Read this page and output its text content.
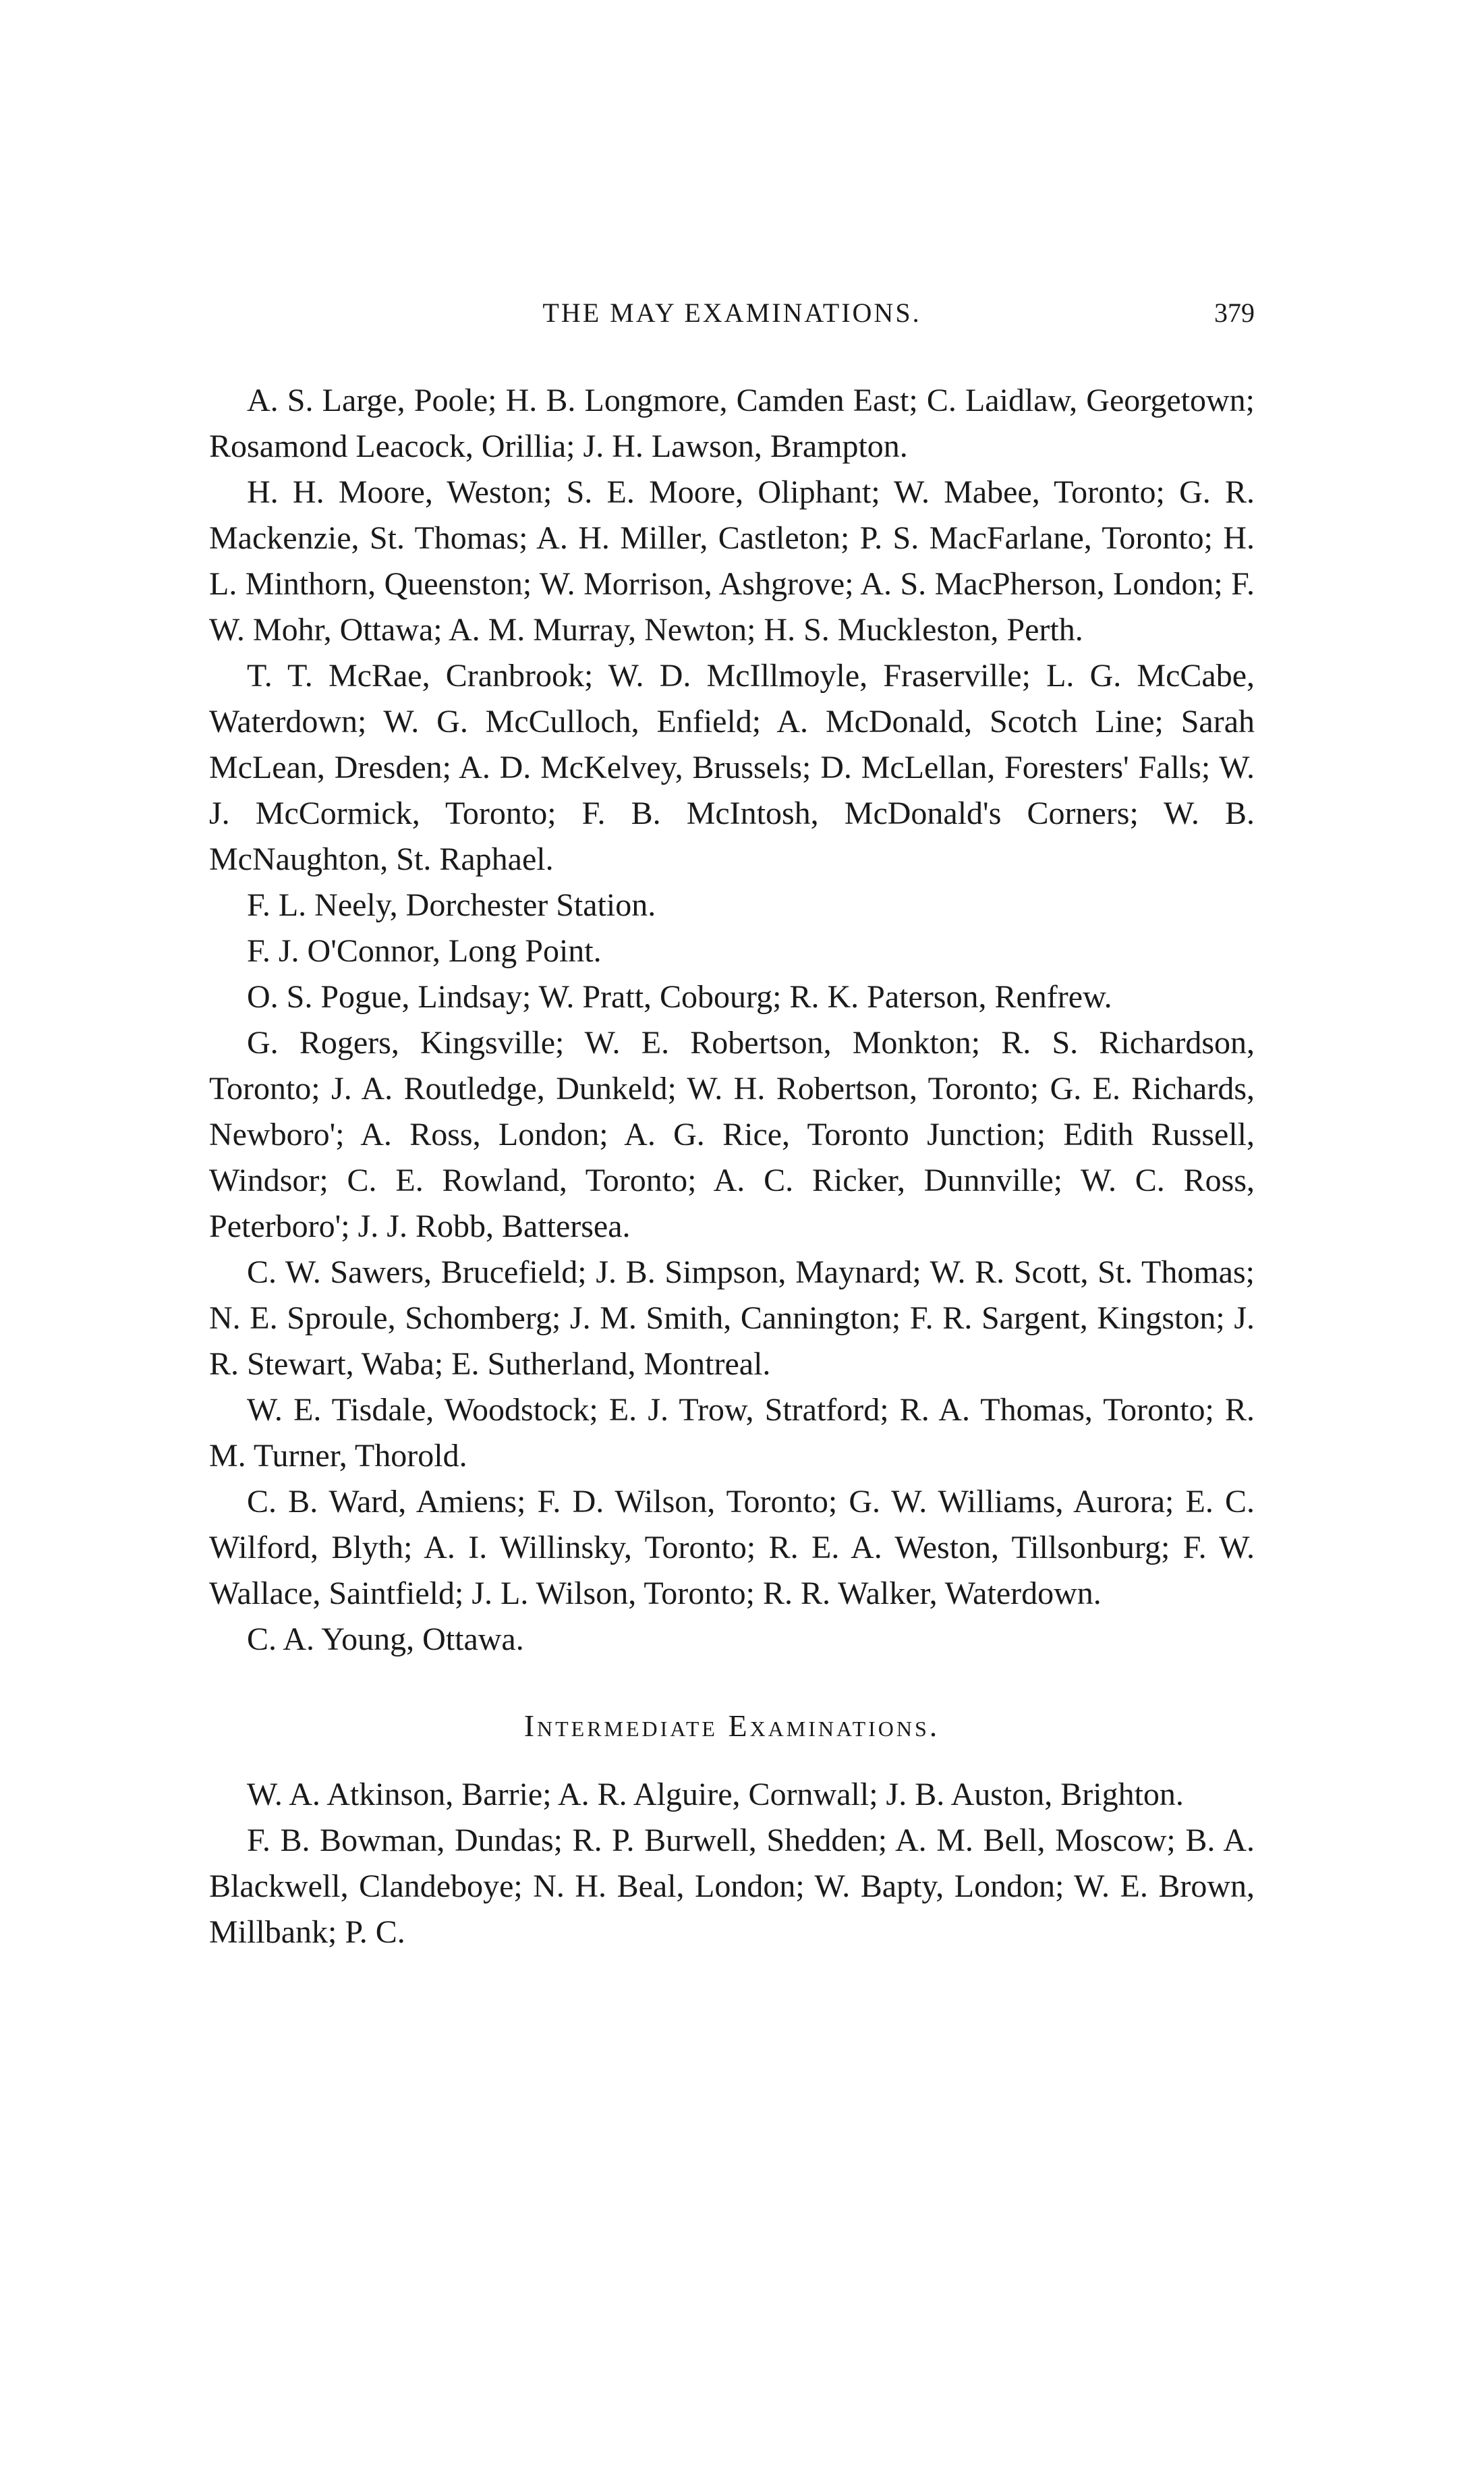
THE MAY EXAMINATIONS.	379

A. S. Large, Poole; H. B. Longmore, Camden East; C. Laidlaw, Georgetown; Rosamond Leacock, Orillia; J. H. Lawson, Brampton.

H. H. Moore, Weston; S. E. Moore, Oliphant; W. Mabee, Toronto; G. R. Mackenzie, St. Thomas; A. H. Miller, Castleton; P. S. MacFarlane, Toronto; H. L. Minthorn, Queenston; W. Morrison, Ashgrove; A. S. MacPherson, London; F. W. Mohr, Ottawa; A. M. Murray, Newton; H. S. Muckleston, Perth.

T. T. McRae, Cranbrook; W. D. McIllmoyle, Fraserville; L. G. McCabe, Waterdown; W. G. McCulloch, Enfield; A. McDonald, Scotch Line; Sarah McLean, Dresden; A. D. McKelvey, Brussels; D. McLellan, Foresters' Falls; W. J. McCormick, Toronto; F. B. McIntosh, McDonald's Corners; W. B. McNaughton, St. Raphael.

F. L. Neely, Dorchester Station.

F. J. O'Connor, Long Point.

O. S. Pogue, Lindsay; W. Pratt, Cobourg; R. K. Paterson, Renfrew.

G. Rogers, Kingsville; W. E. Robertson, Monkton; R. S. Richardson, Toronto; J. A. Routledge, Dunkeld; W. H. Robertson, Toronto; G. E. Richards, Newboro'; A. Ross, London; A. G. Rice, Toronto Junction; Edith Russell, Windsor; C. E. Rowland, Toronto; A. C. Ricker, Dunnville; W. C. Ross, Peterboro'; J. J. Robb, Battersea.

C. W. Sawers, Brucefield; J. B. Simpson, Maynard; W. R. Scott, St. Thomas; N. E. Sproule, Schomberg; J. M. Smith, Cannington; F. R. Sargent, Kingston; J. R. Stewart, Waba; E. Sutherland, Montreal.

W. E. Tisdale, Woodstock; E. J. Trow, Stratford; R. A. Thomas, Toronto; R. M. Turner, Thorold.

C. B. Ward, Amiens; F. D. Wilson, Toronto; G. W. Williams, Aurora; E. C. Wilford, Blyth; A. I. Willinsky, Toronto; R. E. A. Weston, Tillsonburg; F. W. Wallace, Saintfield; J. L. Wilson, Toronto; R. R. Walker, Waterdown.

C. A. Young, Ottawa.

Intermediate Examinations.

W. A. Atkinson, Barrie; A. R. Alguire, Cornwall; J. B. Auston, Brighton.

F. B. Bowman, Dundas; R. P. Burwell, Shedden; A. M. Bell, Moscow; B. A. Blackwell, Clandeboye; N. H. Beal, London; W. Bapty, London; W. E. Brown, Millbank; P. C.
